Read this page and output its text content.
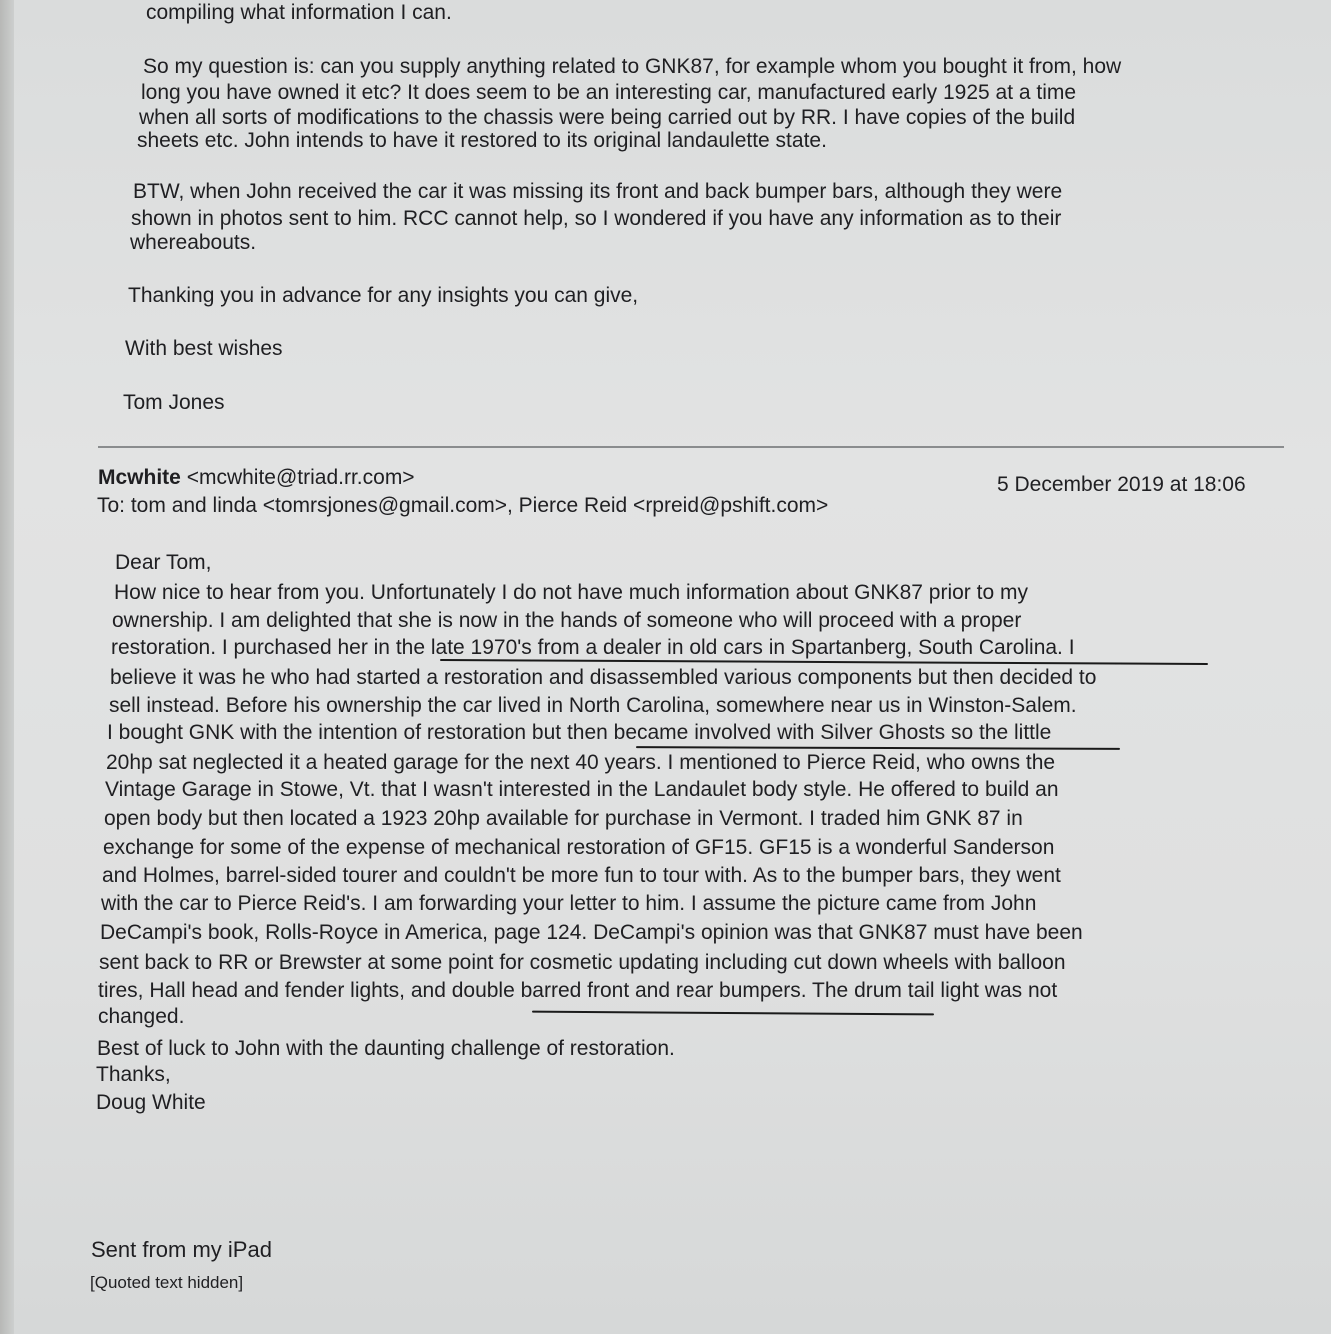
compiling what information I can.
So my question is: can you supply anything related to GNK87, for example whom you bought it from, how
long you have owned it etc? It does seem to be an interesting car, manufactured early 1925 at a time
when all sorts of modifications to the chassis were being carried out by RR. I have copies of the build
sheets etc. John intends to have it restored to its original landaulette state.
BTW, when John received the car it was missing its front and back bumper bars, although they were
shown in photos sent to him. RCC cannot help, so I wondered if you have any information as to their
whereabouts.
Thanking you in advance for any insights you can give,
With best wishes
Tom Jones
Mcwhite <mcwhite@triad.rr.com>	5 December 2019 at 18:06
To: tom and linda <tomrsjones@gmail.com>, Pierce Reid <rpreid@pshift.com>
Dear Tom,
How nice to hear from you. Unfortunately I do not have much information about GNK87 prior to my
ownership. I am delighted that she is now in the hands of someone who will proceed with a proper
restoration. I purchased her in the late 1970's from a dealer in old cars in Spartanberg, South Carolina. I
believe it was he who had started a restoration and disassembled various components but then decided to
sell instead. Before his ownership the car lived in North Carolina, somewhere near us in Winston-Salem.
I bought GNK with the intention of restoration but then became involved with Silver Ghosts so the little
20hp sat neglected it a heated garage for the next 40 years. I mentioned to Pierce Reid, who owns the
Vintage Garage in Stowe, Vt. that I wasn't interested in the Landaulet body style. He offered to build an
open body but then located a 1923 20hp available for purchase in Vermont. I traded him GNK 87 in
exchange for some of the expense of mechanical restoration of GF15. GF15 is a wonderful Sanderson
and Holmes, barrel-sided tourer and couldn't be more fun to tour with. As to the bumper bars, they went
with the car to Pierce Reid's. I am forwarding your letter to him. I assume the picture came from John
DeCampi's book, Rolls-Royce in America, page 124. DeCampi's opinion was that GNK87 must have been
sent back to RR or Brewster at some point for cosmetic updating including cut down wheels with balloon
tires, Hall head and fender lights, and double barred front and rear bumpers. The drum tail light was not
changed.
Best of luck to John with the daunting challenge of restoration.
Thanks,
Doug White
Sent from my iPad
[Quoted text hidden]
